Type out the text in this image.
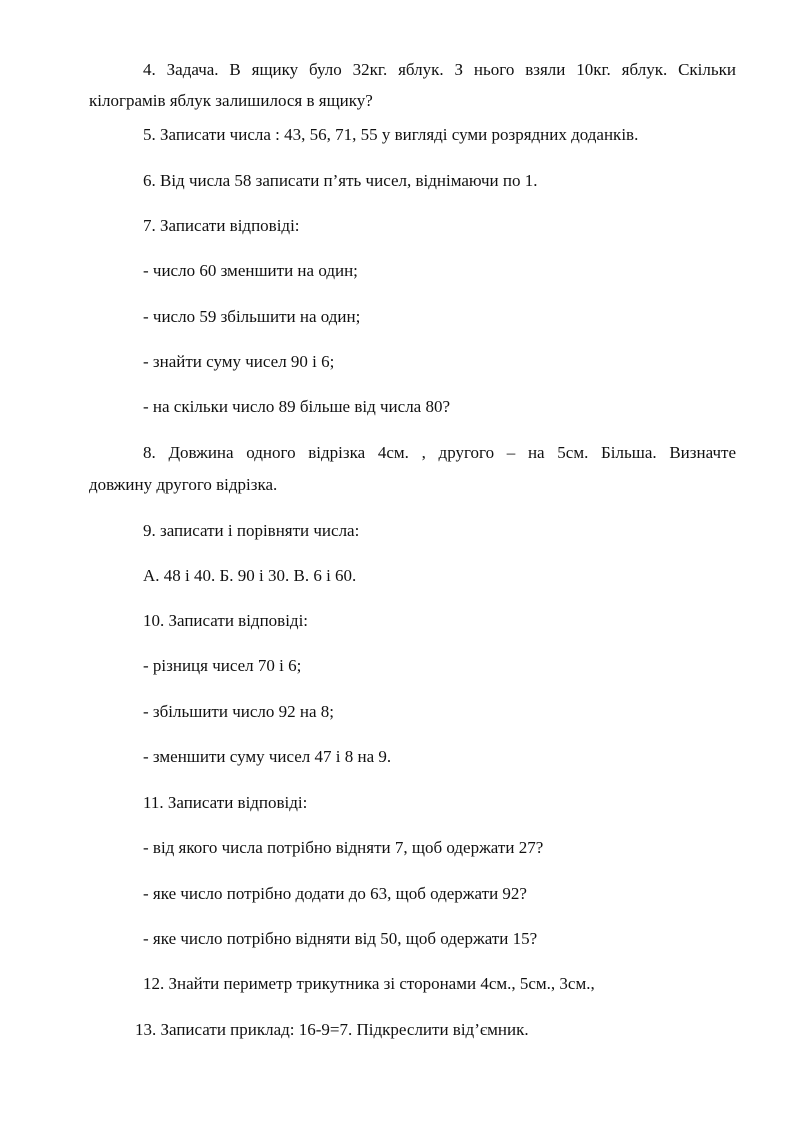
4. Задача. В ящику було 32кг. яблук. З нього взяли 10кг. яблук. Скільки
кілограмів яблук залишилося в ящику?
5. Записати числа : 43, 56, 71, 55 у вигляді суми розрядних доданків.
6. Від числа 58 записати п’ять чисел, віднімаючи по 1.
7. Записати відповіді:
- число 60 зменшити на один;
- число 59 збільшити на один;
- знайти суму чисел 90 і 6;
- на скільки число 89 більше від числа 80?
8. Довжина одного відрізка 4см. , другого – на 5см. Більша. Визначте
довжину другого відрізка.
9. записати і порівняти числа:
А. 48 і 40. Б. 90 і 30. В. 6 і 60.
10. Записати відповіді:
- різниця чисел 70 і 6;
- збільшити число 92 на 8;
- зменшити суму чисел 47 і 8 на 9.
11. Записати відповіді:
- від якого числа потрібно відняти 7, щоб одержати 27?
- яке число потрібно додати до 63, щоб одержати 92?
- яке число потрібно відняти від 50, щоб одержати 15?
12. Знайти периметр трикутника зі сторонами 4см., 5см., 3см.,
13. Записати приклад: 16-9=7. Підкреслити від’ємник.
